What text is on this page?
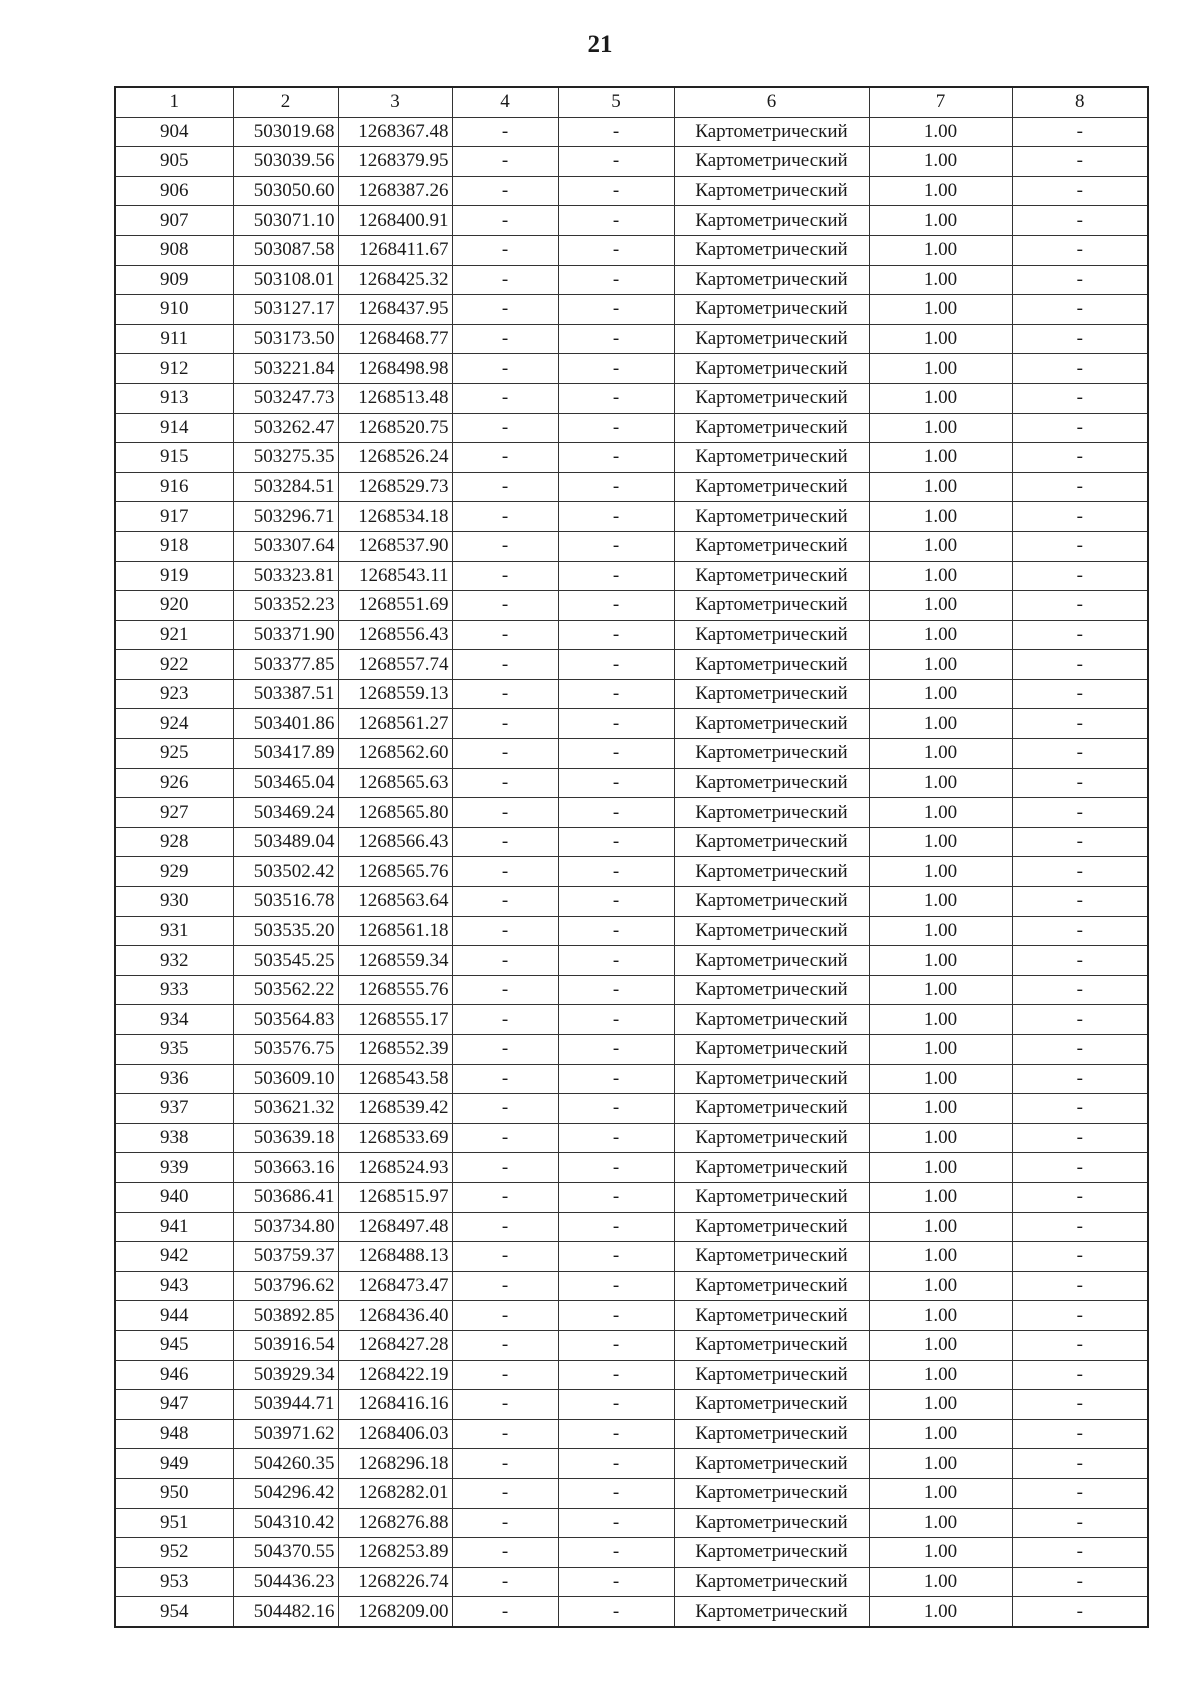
21
1	2	3	4	5	6	7	8
904	503019.68	1268367.48	-	-	Картометрический	1.00	-
905	503039.56	1268379.95	-	-	Картометрический	1.00	-
906	503050.60	1268387.26	-	-	Картометрический	1.00	-
907	503071.10	1268400.91	-	-	Картометрический	1.00	-
908	503087.58	1268411.67	-	-	Картометрический	1.00	-
909	503108.01	1268425.32	-	-	Картометрический	1.00	-
910	503127.17	1268437.95	-	-	Картометрический	1.00	-
911	503173.50	1268468.77	-	-	Картометрический	1.00	-
912	503221.84	1268498.98	-	-	Картометрический	1.00	-
913	503247.73	1268513.48	-	-	Картометрический	1.00	-
914	503262.47	1268520.75	-	-	Картометрический	1.00	-
915	503275.35	1268526.24	-	-	Картометрический	1.00	-
916	503284.51	1268529.73	-	-	Картометрический	1.00	-
917	503296.71	1268534.18	-	-	Картометрический	1.00	-
918	503307.64	1268537.90	-	-	Картометрический	1.00	-
919	503323.81	1268543.11	-	-	Картометрический	1.00	-
920	503352.23	1268551.69	-	-	Картометрический	1.00	-
921	503371.90	1268556.43	-	-	Картометрический	1.00	-
922	503377.85	1268557.74	-	-	Картометрический	1.00	-
923	503387.51	1268559.13	-	-	Картометрический	1.00	-
924	503401.86	1268561.27	-	-	Картометрический	1.00	-
925	503417.89	1268562.60	-	-	Картометрический	1.00	-
926	503465.04	1268565.63	-	-	Картометрический	1.00	-
927	503469.24	1268565.80	-	-	Картометрический	1.00	-
928	503489.04	1268566.43	-	-	Картометрический	1.00	-
929	503502.42	1268565.76	-	-	Картометрический	1.00	-
930	503516.78	1268563.64	-	-	Картометрический	1.00	-
931	503535.20	1268561.18	-	-	Картометрический	1.00	-
932	503545.25	1268559.34	-	-	Картометрический	1.00	-
933	503562.22	1268555.76	-	-	Картометрический	1.00	-
934	503564.83	1268555.17	-	-	Картометрический	1.00	-
935	503576.75	1268552.39	-	-	Картометрический	1.00	-
936	503609.10	1268543.58	-	-	Картометрический	1.00	-
937	503621.32	1268539.42	-	-	Картометрический	1.00	-
938	503639.18	1268533.69	-	-	Картометрический	1.00	-
939	503663.16	1268524.93	-	-	Картометрический	1.00	-
940	503686.41	1268515.97	-	-	Картометрический	1.00	-
941	503734.80	1268497.48	-	-	Картометрический	1.00	-
942	503759.37	1268488.13	-	-	Картометрический	1.00	-
943	503796.62	1268473.47	-	-	Картометрический	1.00	-
944	503892.85	1268436.40	-	-	Картометрический	1.00	-
945	503916.54	1268427.28	-	-	Картометрический	1.00	-
946	503929.34	1268422.19	-	-	Картометрический	1.00	-
947	503944.71	1268416.16	-	-	Картометрический	1.00	-
948	503971.62	1268406.03	-	-	Картометрический	1.00	-
949	504260.35	1268296.18	-	-	Картометрический	1.00	-
950	504296.42	1268282.01	-	-	Картометрический	1.00	-
951	504310.42	1268276.88	-	-	Картометрический	1.00	-
952	504370.55	1268253.89	-	-	Картометрический	1.00	-
953	504436.23	1268226.74	-	-	Картометрический	1.00	-
954	504482.16	1268209.00	-	-	Картометрический	1.00	-
